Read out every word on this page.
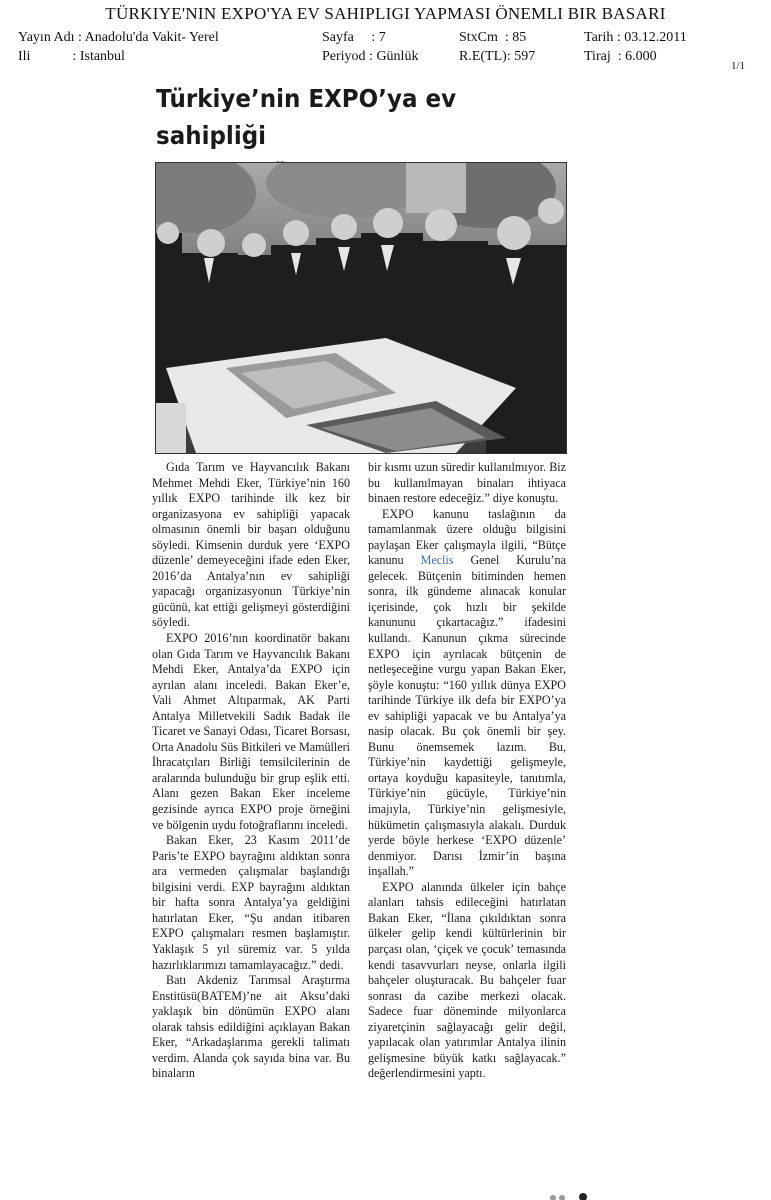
TÜRKIYE'NIN EXPO'YA EV SAHIPLIGI YAPMASI ÖNEMLI BIR BASARI
Yayın Adı : Anadolu'da Vakit- Yerel
Ili            : Istanbul
Sayfa     : 7
Periyod : Günlük
StxCm  : 85
R.E(TL): 597
Tarih : 03.12.2011
Tiraj  : 6.000
1/1
Türkiye’nin EXPO’ya ev sahipliği

Gıda Tarım ve Hayvancılık Bakanı Mehmet Mehdi Eker, Türkiye’nin 160 yıllık EXPO tarihinde ilk kez bir organizasyona ev sahipliği yapacak olmasının önemli bir başarı olduğunu söyledi. Kimsenin durduk yere ‘EXPO düzenle’ demeyeceğini ifade eden Eker, 2016’da Antalya’nın ev sahipliği yapacağı organizasyonun Türkiye’nin gücünü, kat ettiği gelişmeyi gösterdiğini söyledi.

EXPO 2016’nın koordinatör bakanı olan Gıda Tarım ve Hayvancılık Bakanı Mehdi Eker, Antalya’da EXPO için ayrılan alanı inceledi. Bakan Eker’e, Vali Ahmet Altıparmak, AK Parti Antalya Milletvekili Sadık Badak ile Ticaret ve Sanayi Odası, Ticaret Borsası, Orta Anadolu Süs Bitkileri ve Mamülleri İhracatçıları Birliği temsilcilerinin de aralarında bulunduğu bir grup eşlik etti. Alanı gezen Bakan Eker inceleme gezisinde ayrıca EXPO proje örneğini ve bölgenin uydu fotoğraflarını inceledi.

Bakan Eker, 23 Kasım 2011’de Paris’te EXPO bayrağını aldıktan sonra ara vermeden çalışmalar başlandığı bilgisini verdi. EXP bayrağını aldıktan bir hafta sonra Antalya’ya geldiğini hatırlatan Eker, “Şu andan itibaren EXPO çalışmaları resmen başlamıştır. Yaklaşık 5 yıl süremiz var. 5 yılda hazırlıklarımızı tamamlayacağız.” dedi.

Batı Akdeniz Tarımsal Araştırma Enstitüsü(BATEM)’ne ait Aksu’daki yaklaşık bin dönümün EXPO alanı olarak tahsis edildiğini açıklayan Bakan Eker, “Arkadaşlarıma gerekli talimatı verdim. Alanda çok sayıda bina var. Bu binaların

bir kısmı uzun süredir kullanılmıyor. Biz bu kullanılmayan binaları ihtiyaca binaen restore edeceğiz.” diye konuştu.

EXPO kanunu taslağının da tamamlanmak üzere olduğu bilgisini paylaşan Eker çalışmayla ilgili, “Bütçe kanunu Meclis Genel Kurulu’na gelecek. Bütçenin bitiminden hemen sonra, ilk gündeme alınacak konular içerisinde, çok hızlı bir şekilde kanununu çıkartacağız.” ifadesini kullandı. Kanunun çıkma sürecinde EXPO için ayrılacak bütçenin de netleşeceğine vurgu yapan Bakan Eker, şöyle konuştu: “160 yıllık dünya EXPO tarihinde Türkiye ilk defa bir EXPO’ya ev sahipliği yapacak ve bu Antalya’ya nasip olacak. Bu çok önemli bir şey. Bunu önemsemek lazım. Bu, Türkiye’nin kaydettiği gelişmeyle, ortaya koyduğu kapasiteyle, tanıtımla, Türkiye’nin gücüyle, Türkiye’nin imajıyla, Türkiye’nin gelişmesiyle, hükümetin çalışmasıyla alakalı. Durduk yerde böyle herkese ‘EXPO düzenle’ denmiyor. Darısı İzmir’in başına inşallah.”

EXPO alanında ülkeler için bahçe alanları tahsis edileceğini hatırlatan Bakan Eker, “İlana çıkıldıktan sonra ülkeler gelip kendi kültürlerinin bir parçası olan, ‘çiçek ve çocuk’ temasında kendi tasavvurları neyse, onlarla ilgili bahçeler oluşturacak. Bu bahçeler fuar sonrası da cazibe merkezi olacak. Sadece fuar döneminde milyonlarca ziyaretçinin sağlayacağı gelir değil, yapılacak olan yatırımlar Antalya ilinin gelişmesine büyük katkı sağlayacak.” değerlendirmesini yaptı.
